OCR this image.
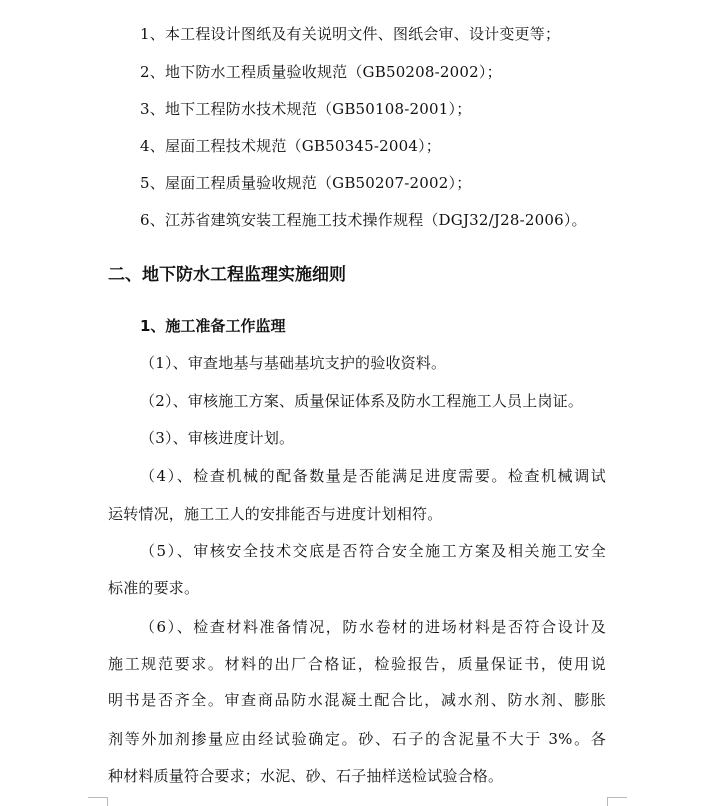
1、本工程设计图纸及有关说明文件、图纸会审、设计变更等；
2、地下防水工程质量验收规范（GB50208-2002）；
3、地下工程防水技术规范（GB50108-2001）；
4、屋面工程技术规范（GB50345-2004）；
5、屋面工程质量验收规范（GB50207-2002）；
6、江苏省建筑安装工程施工技术操作规程（DGJ32/J28-2006）。
二、地下防水工程监理实施细则
1、施工准备工作监理
（1）、审查地基与基础基坑支护的验收资料。
（2）、审核施工方案、质量保证体系及防水工程施工人员上岗证。
（3）、审核进度计划。
（4）、检查机械的配备数量是否能满足进度需要。检查机械调试
运转情况，施工工人的安排能否与进度计划相符。
（5）、审核安全技术交底是否符合安全施工方案及相关施工安全
标准的要求。
（6）、检查材料准备情况，防水卷材的进场材料是否符合设计及
施工规范要求。材料的出厂合格证，检验报告，质量保证书，使用说
明书是否齐全。审查商品防水混凝土配合比，减水剂、防水剂、膨胀
剂等外加剂掺量应由经试验确定。砂、石子的含泥量不大于 3%。各
种材料质量符合要求；水泥、砂、石子抽样送检试验合格。
